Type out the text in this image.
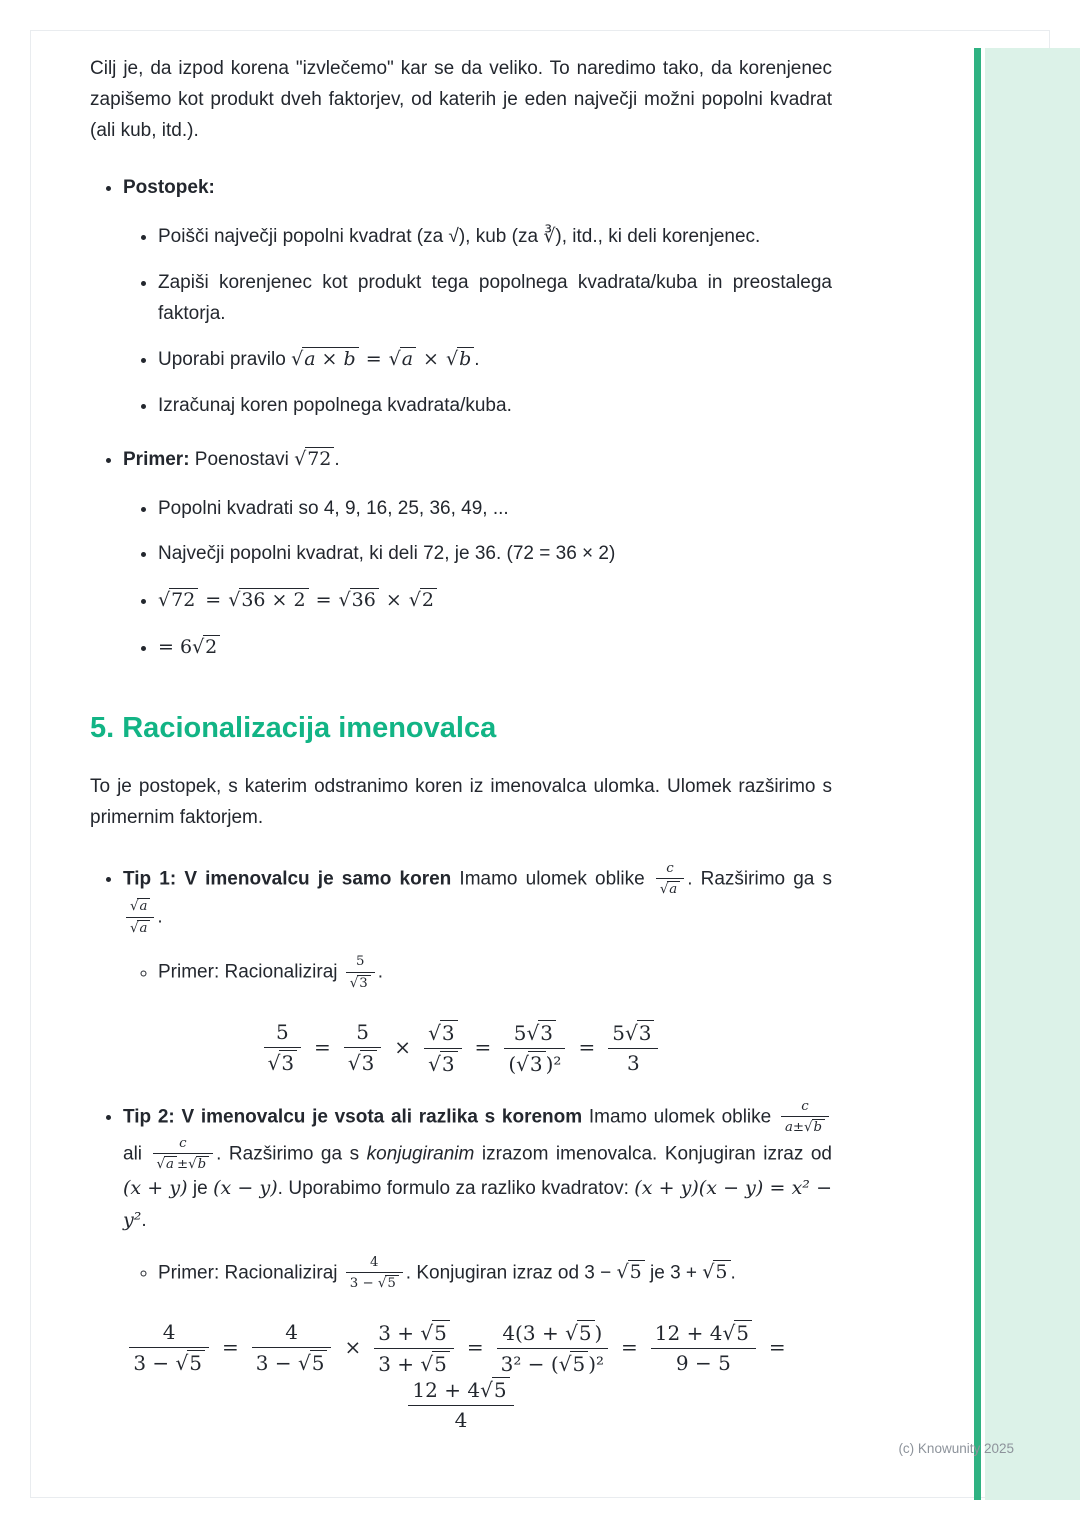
Cilj je, da izpod korena "izvlečemo" kar se da veliko. To naredimo tako, da korenjenec zapišemo kot produkt dveh faktorjev, od katerih je eden največji možni popolni kvadrat (ali kub, itd.).

• Postopek:
• Poišči največji popolni kvadrat (za √), kub (za ∛), itd., ki deli korenjenec.
• Zapiši korenjenec kot produkt tega popolnega kvadrata/kuba in preostalega faktorja.
• Uporabi pravilo √a × b = √a × √b .
• Izračunaj koren popolnega kvadrata/kuba.
• Primer: Poenostavi √72 .
• Popolni kvadrati so 4, 9, 16, 25, 36, 49, ...
• Največji popolni kvadrat, ki deli 72, je 36. (72 = 36 × 2)
• √72 = √36 × 2 = √36 × √2
• = 6√2
5. Racionalizacija imenovalca

To je postopek, s katerim odstranimo koren iz imenovalca ulomka. Ulomek razširimo s primernim faktorjem.

• Tip 1: V imenovalcu je samo koren Imamo ulomek oblike $\frac{c}{√a}$ . Razširimo ga s
$\frac{√a}{√a}$ .
◦ Primer: Racionaliziraj $\frac{5}{√3}$ .
$\frac{5}{√3} = \frac{5}{√3} \times \frac{√3}{√3} = \frac{5√3}{\text{(√3 )²}} = \frac{5√3}{3}$
• Tip 2: V imenovalcu je vsota ali razlika s korenom Imamo ulomek oblike $\frac{c}{a\pm√b}$
ali $\frac{c}{√a \pm√b}$ . Razširimo ga s konjugiranim izrazom imenovalca. Konjugiran izraz od (x + y) je (x − y). Uporabimo formulo za razliko kvadratov: (x + y)(x − y) = x² − y².
◦ Primer: Racionaliziraj $\frac{4}{3 - √5}$ . Konjugiran izraz od 3 − √5 je 3 + √5 .
$\frac{4}{3 - √5} = \frac{4}{3 - √5} \times \frac{3 + √5}{3 + √5} = \frac{4(3 + √5 )}{\text{3² − (√5 )²}} = \frac{12 + 4√5}{9 - 5}$ =
$\frac{12 + 4√5}{4}$
(c) Knowunity 2025
